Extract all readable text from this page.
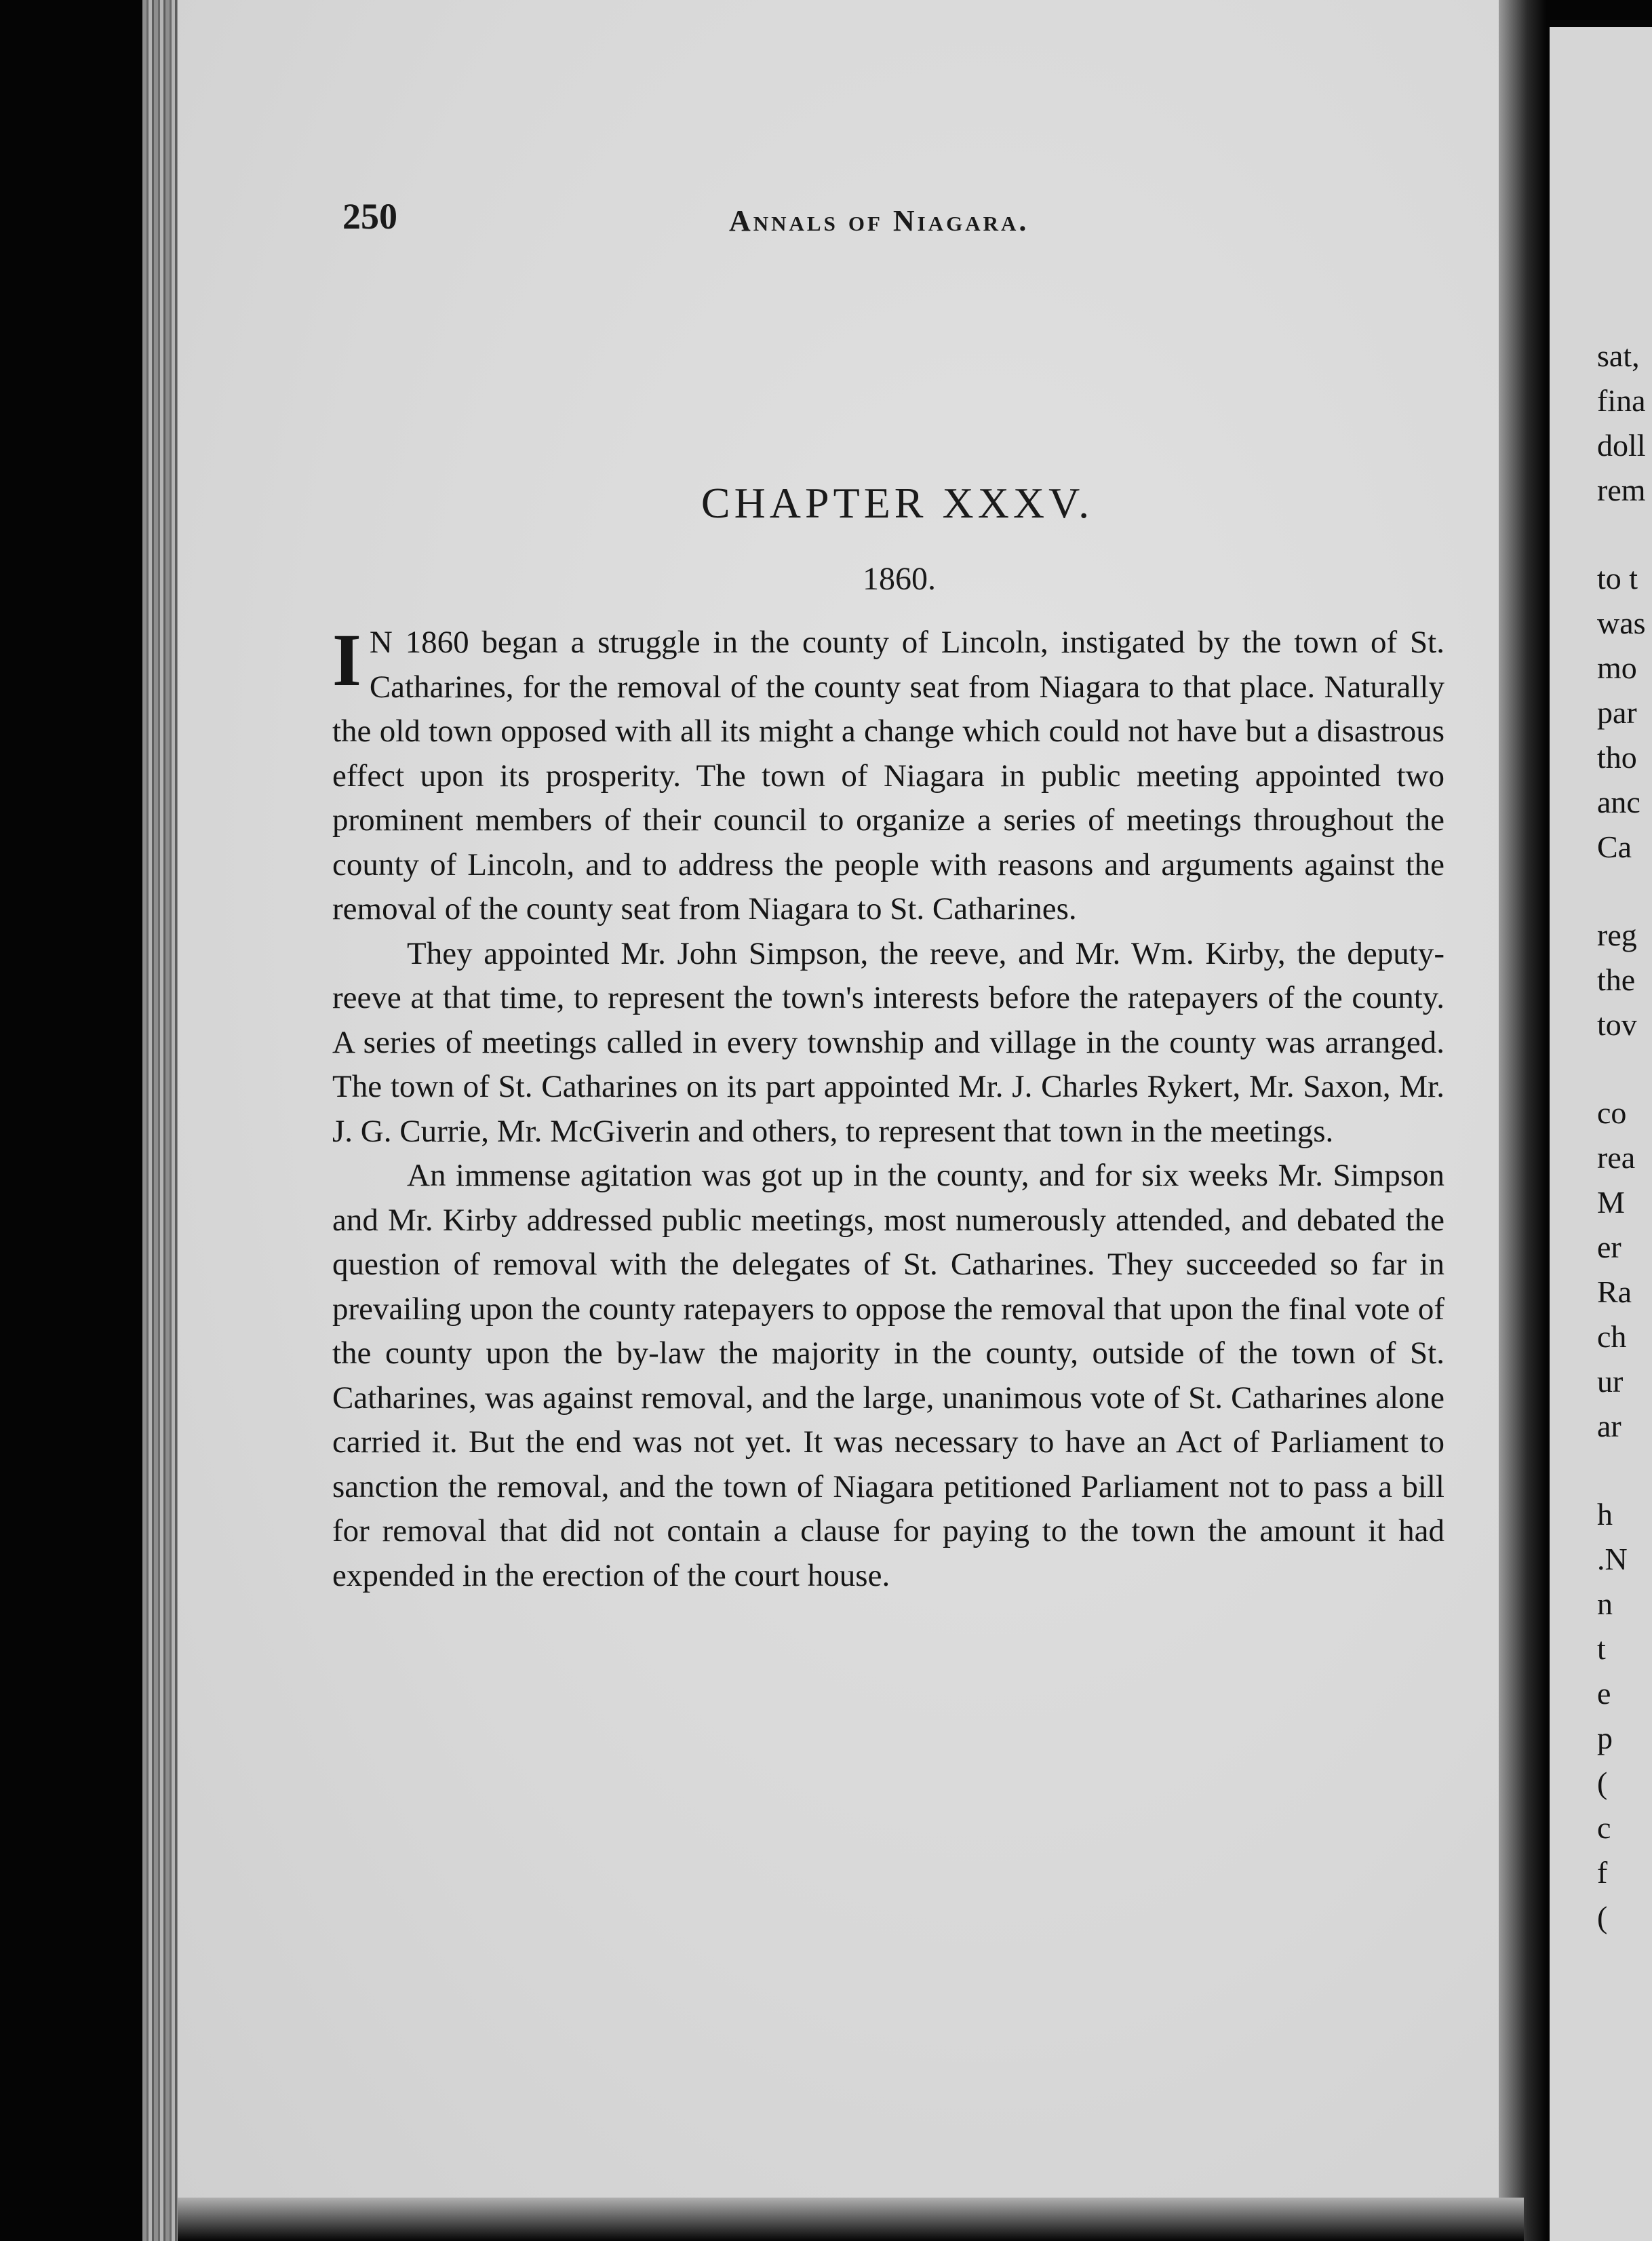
sat,
fina
doll
rem
to t
was
mo
par
tho
anc
Ca
reg
the
tov
co
rea
M
er
Ra
ch
ur
ar
h
.N
n
t
e
p
(
c
f
(
250	Annals of Niagara.
CHAPTER XXXV.
1860.

I N 1860 began a struggle in the county of Lincoln, instigated by the town of St. Catharines, for the removal of the county seat from Niagara to that place. Naturally the old town opposed with all its might a change which could not have but a disastrous effect upon its prosperity. The town of Niagara in public meeting appointed two prominent members of their council to organize a series of meetings throughout the county of Lincoln, and to address the people with reasons and arguments against the removal of the county seat from Niagara to St. Catharines.

They appointed Mr. John Simpson, the reeve, and Mr. Wm. Kirby, the deputy-reeve at that time, to represent the town's interests before the ratepayers of the county. A series of meetings called in every township and village in the county was arranged. The town of St. Catharines on its part appointed Mr. J. Charles Rykert, Mr. Saxon, Mr. J. G. Currie, Mr. McGiverin and others, to represent that town in the meetings.

An immense agitation was got up in the county, and for six weeks Mr. Simpson and Mr. Kirby addressed public meetings, most numerously attended, and debated the question of removal with the delegates of St. Catharines. They succeeded so far in prevailing upon the county ratepayers to oppose the removal that upon the final vote of the county upon the by-law the majority in the county, outside of the town of St. Catharines, was against removal, and the large, unanimous vote of St. Catharines alone carried it. But the end was not yet. It was necessary to have an Act of Parliament to sanction the removal, and the town of Niagara petitioned Parliament not to pass a bill for removal that did not contain a clause for paying to the town the amount it had expended in the erection of the court house.
